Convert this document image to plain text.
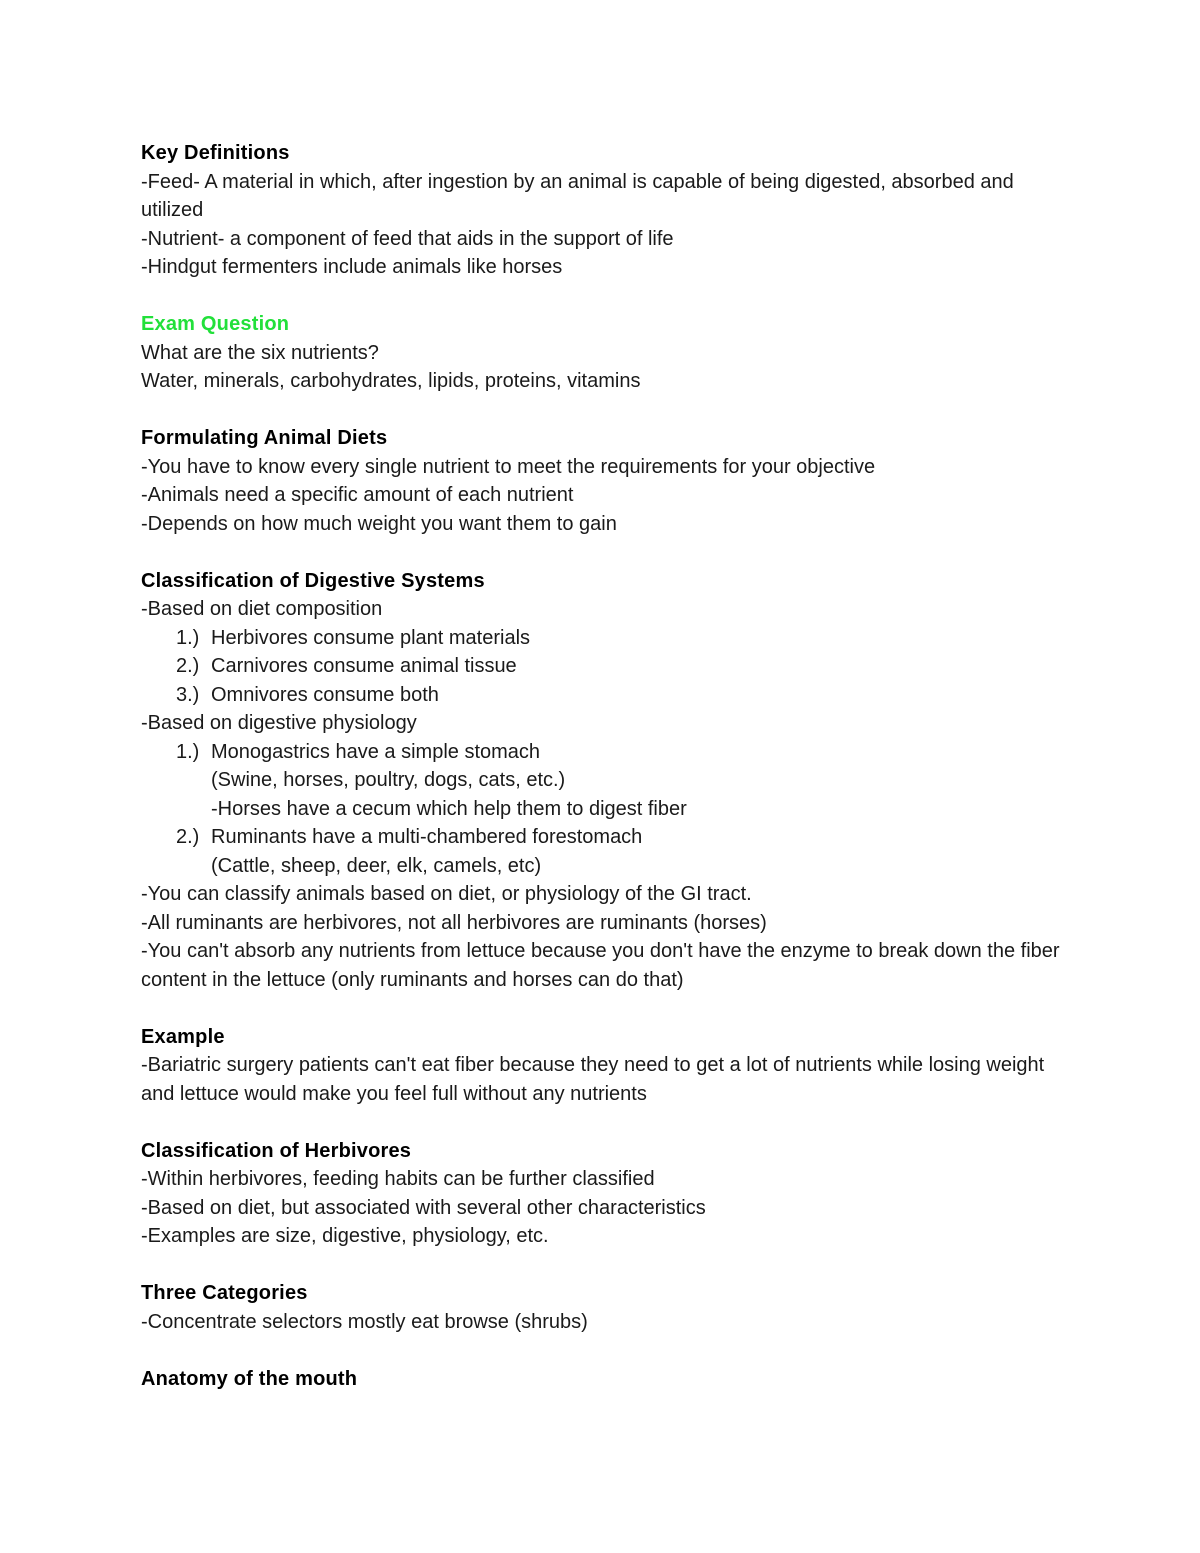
Key Definitions
-Feed- A material in which, after ingestion by an animal is capable of being digested, absorbed and utilized
-Nutrient- a component of feed that aids in the support of life
-Hindgut fermenters include animals like horses
Exam Question
What are the six nutrients?
Water, minerals, carbohydrates, lipids, proteins, vitamins
Formulating Animal Diets
-You have to know every single nutrient to meet the requirements for your objective
-Animals need a specific amount of each nutrient
-Depends on how much weight you want them to gain
Classification of Digestive Systems
-Based on diet composition
1.) Herbivores consume plant materials
2.) Carnivores consume animal tissue
3.) Omnivores consume both
-Based on digestive physiology
1.) Monogastrics have a simple stomach
(Swine, horses, poultry, dogs, cats, etc.)
-Horses have a cecum which help them to digest fiber
2.) Ruminants have a multi-chambered forestomach
(Cattle, sheep, deer, elk, camels, etc)
-You can classify animals based on diet, or physiology of the GI tract.
-All ruminants are herbivores, not all herbivores are ruminants (horses)
-You can't absorb any nutrients from lettuce because you don't have the enzyme to break down the fiber content in the lettuce (only ruminants and horses can do that)
Example
-Bariatric surgery patients can't eat fiber because they need to get a lot of nutrients while losing weight and lettuce would make you feel full without any nutrients
Classification of Herbivores
-Within herbivores, feeding habits can be further classified
-Based on diet, but associated with several other characteristics
-Examples are size, digestive, physiology, etc.
Three Categories
-Concentrate selectors mostly eat browse (shrubs)
Anatomy of the mouth
